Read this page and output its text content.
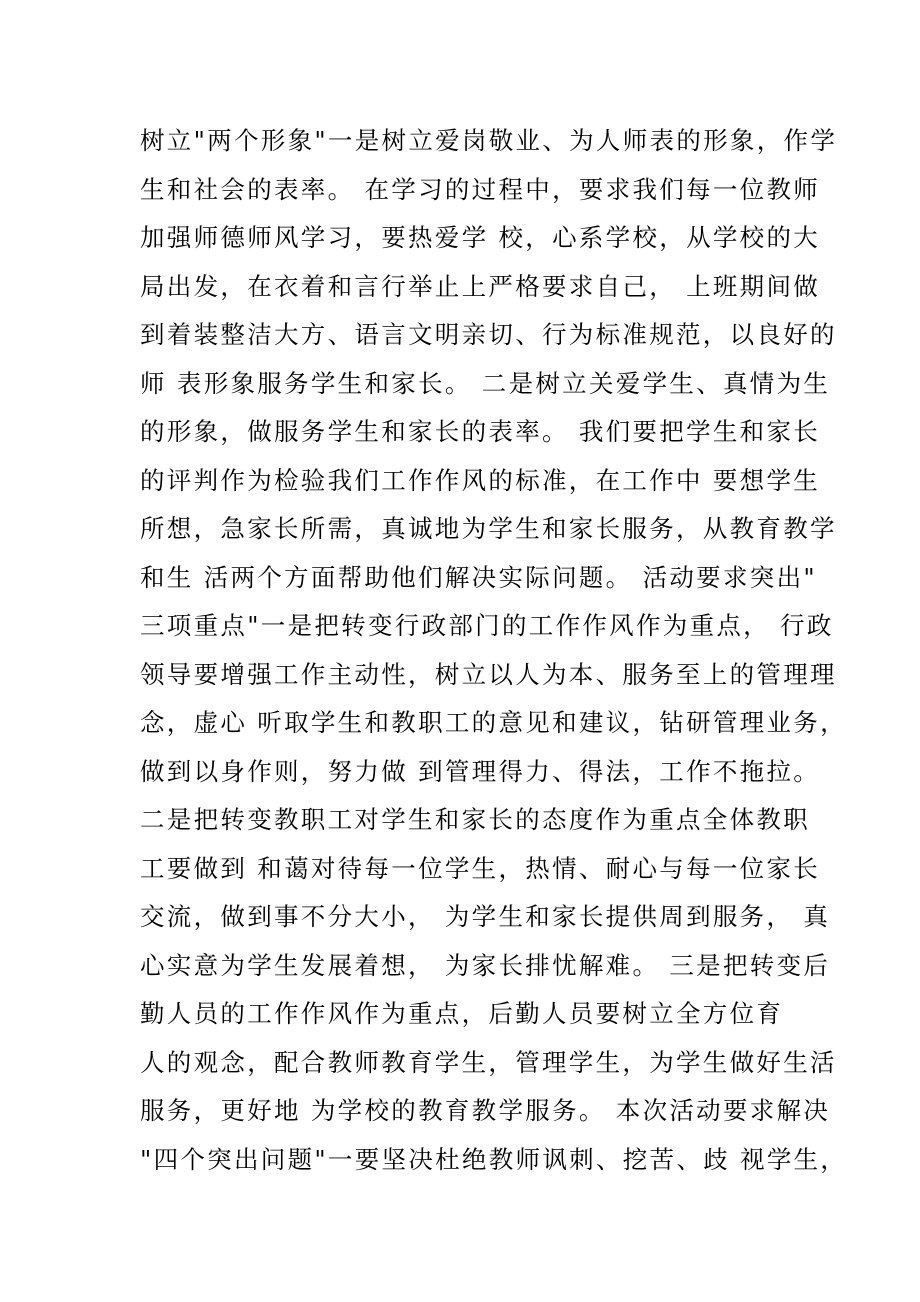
树立"两个形象"一是树立爱岗敬业、为人师表的形象，作学
生和社会的表率。 在学习的过程中，要求我们每一位教师
加强师德师风学习，要热爱学 校，心系学校，从学校的大
局出发，在衣着和言行举止上严格要求自己， 上班期间做
到着装整洁大方、语言文明亲切、行为标准规范，以良好的
师 表形象服务学生和家长。 二是树立关爱学生、真情为生
的形象，做服务学生和家长的表率。 我们要把学生和家长
的评判作为检验我们工作作风的标准，在工作中 要想学生
所想，急家长所需，真诚地为学生和家长服务，从教育教学
和生 活两个方面帮助他们解决实际问题。 活动要求突出"
三项重点"一是把转变行政部门的工作作风作为重点， 行政
领导要增强工作主动性，树立以人为本、服务至上的管理理
念，虚心 听取学生和教职工的意见和建议，钻研管理业务，
做到以身作则，努力做 到管理得力、得法，工作不拖拉。
二是把转变教职工对学生和家长的态度作为重点全体教职
工要做到 和蔼对待每一位学生，热情、耐心与每一位家长
交流，做到事不分大小， 为学生和家长提供周到服务， 真
心实意为学生发展着想， 为家长排忧解难。 三是把转变后
勤人员的工作作风作为重点，后勤人员要树立全方位育
人的观念，配合教师教育学生，管理学生，为学生做好生活
服务，更好地 为学校的教育教学服务。 本次活动要求解决
"四个突出问题"一要坚决杜绝教师讽刺、挖苦、歧 视学生，
